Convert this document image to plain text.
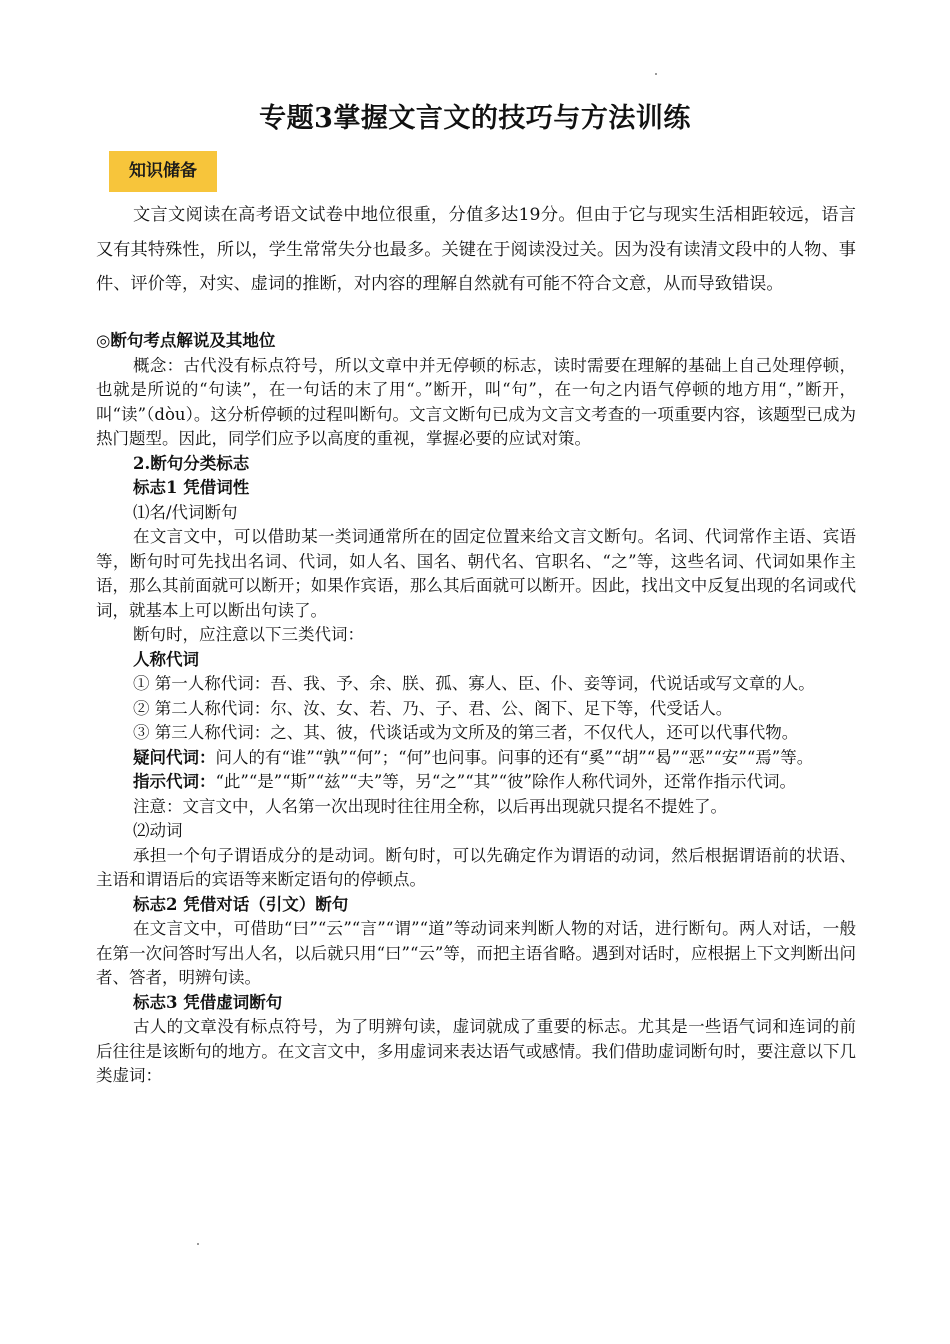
专题3掌握文言文的技巧与方法训练
知识储备

文言文阅读在高考语文试卷中地位很重，分值多达19分。但由于它与现实生活相距较远，语言又有其特殊性，所以，学生常常失分也最多。关键在于阅读没过关。因为没有读清文段中的人物、事件、评价等，对实、虚词的推断，对内容的理解自然就有可能不符合文意，从而导致错误。

◎断句考点解说及其地位

概念：古代没有标点符号，所以文章中并无停顿的标志，读时需要在理解的基础上自己处理停顿，也就是所说的“句读”，在一句话的末了用“。”断开，叫“句”，在一句之内语气停顿的地方用“，”断开，叫“读”（dòu）。这分析停顿的过程叫断句。文言文断句已成为文言文考查的一项重要内容，该题型已成为热门题型。因此，同学们应予以高度的重视，掌握必要的应试对策。

2.断句分类标志

标志1 凭借词性

⑴名/代词断句

在文言文中，可以借助某一类词通常所在的固定位置来给文言文断句。名词、代词常作主语、宾语等，断句时可先找出名词、代词，如人名、国名、朝代名、官职名、“之”等，这些名词、代词如果作主语，那么其前面就可以断开；如果作宾语，那么其后面就可以断开。因此，找出文中反复出现的名词或代词，就基本上可以断出句读了。

断句时，应注意以下三类代词：

人称代词

① 第一人称代词：吾、我、予、余、朕、孤、寡人、臣、仆、妾等词，代说话或写文章的人。

② 第二人称代词：尔、汝、女、若、乃、子、君、公、阁下、足下等，代受话人。

③ 第三人称代词：之、其、彼，代谈话或为文所及的第三者，不仅代人，还可以代事代物。

疑问代词：问人的有“谁”“孰”“何”；“何”也问事。问事的还有“奚”“胡”“曷”“恶”“安”“焉”等。

指示代词：“此”“是”“斯”“兹”“夫”等，另“之”“其”“彼”除作人称代词外，还常作指示代词。

注意：文言文中，人名第一次出现时往往用全称，以后再出现就只提名不提姓了。

⑵动词

承担一个句子谓语成分的是动词。断句时，可以先确定作为谓语的动词，然后根据谓语前的状语、主语和谓语后的宾语等来断定语句的停顿点。

标志2 凭借对话（引文）断句

在文言文中，可借助“曰”“云”“言”“谓”“道”等动词来判断人物的对话，进行断句。两人对话，一般在第一次问答时写出人名，以后就只用“曰”“云”等，而把主语省略。遇到对话时，应根据上下文判断出问者、答者，明辨句读。

标志3 凭借虚词断句

古人的文章没有标点符号，为了明辨句读，虚词就成了重要的标志。尤其是一些语气词和连词的前后往往是该断句的地方。在文言文中，多用虚词来表达语气或感情。我们借助虚词断句时，要注意以下几类虚词：
